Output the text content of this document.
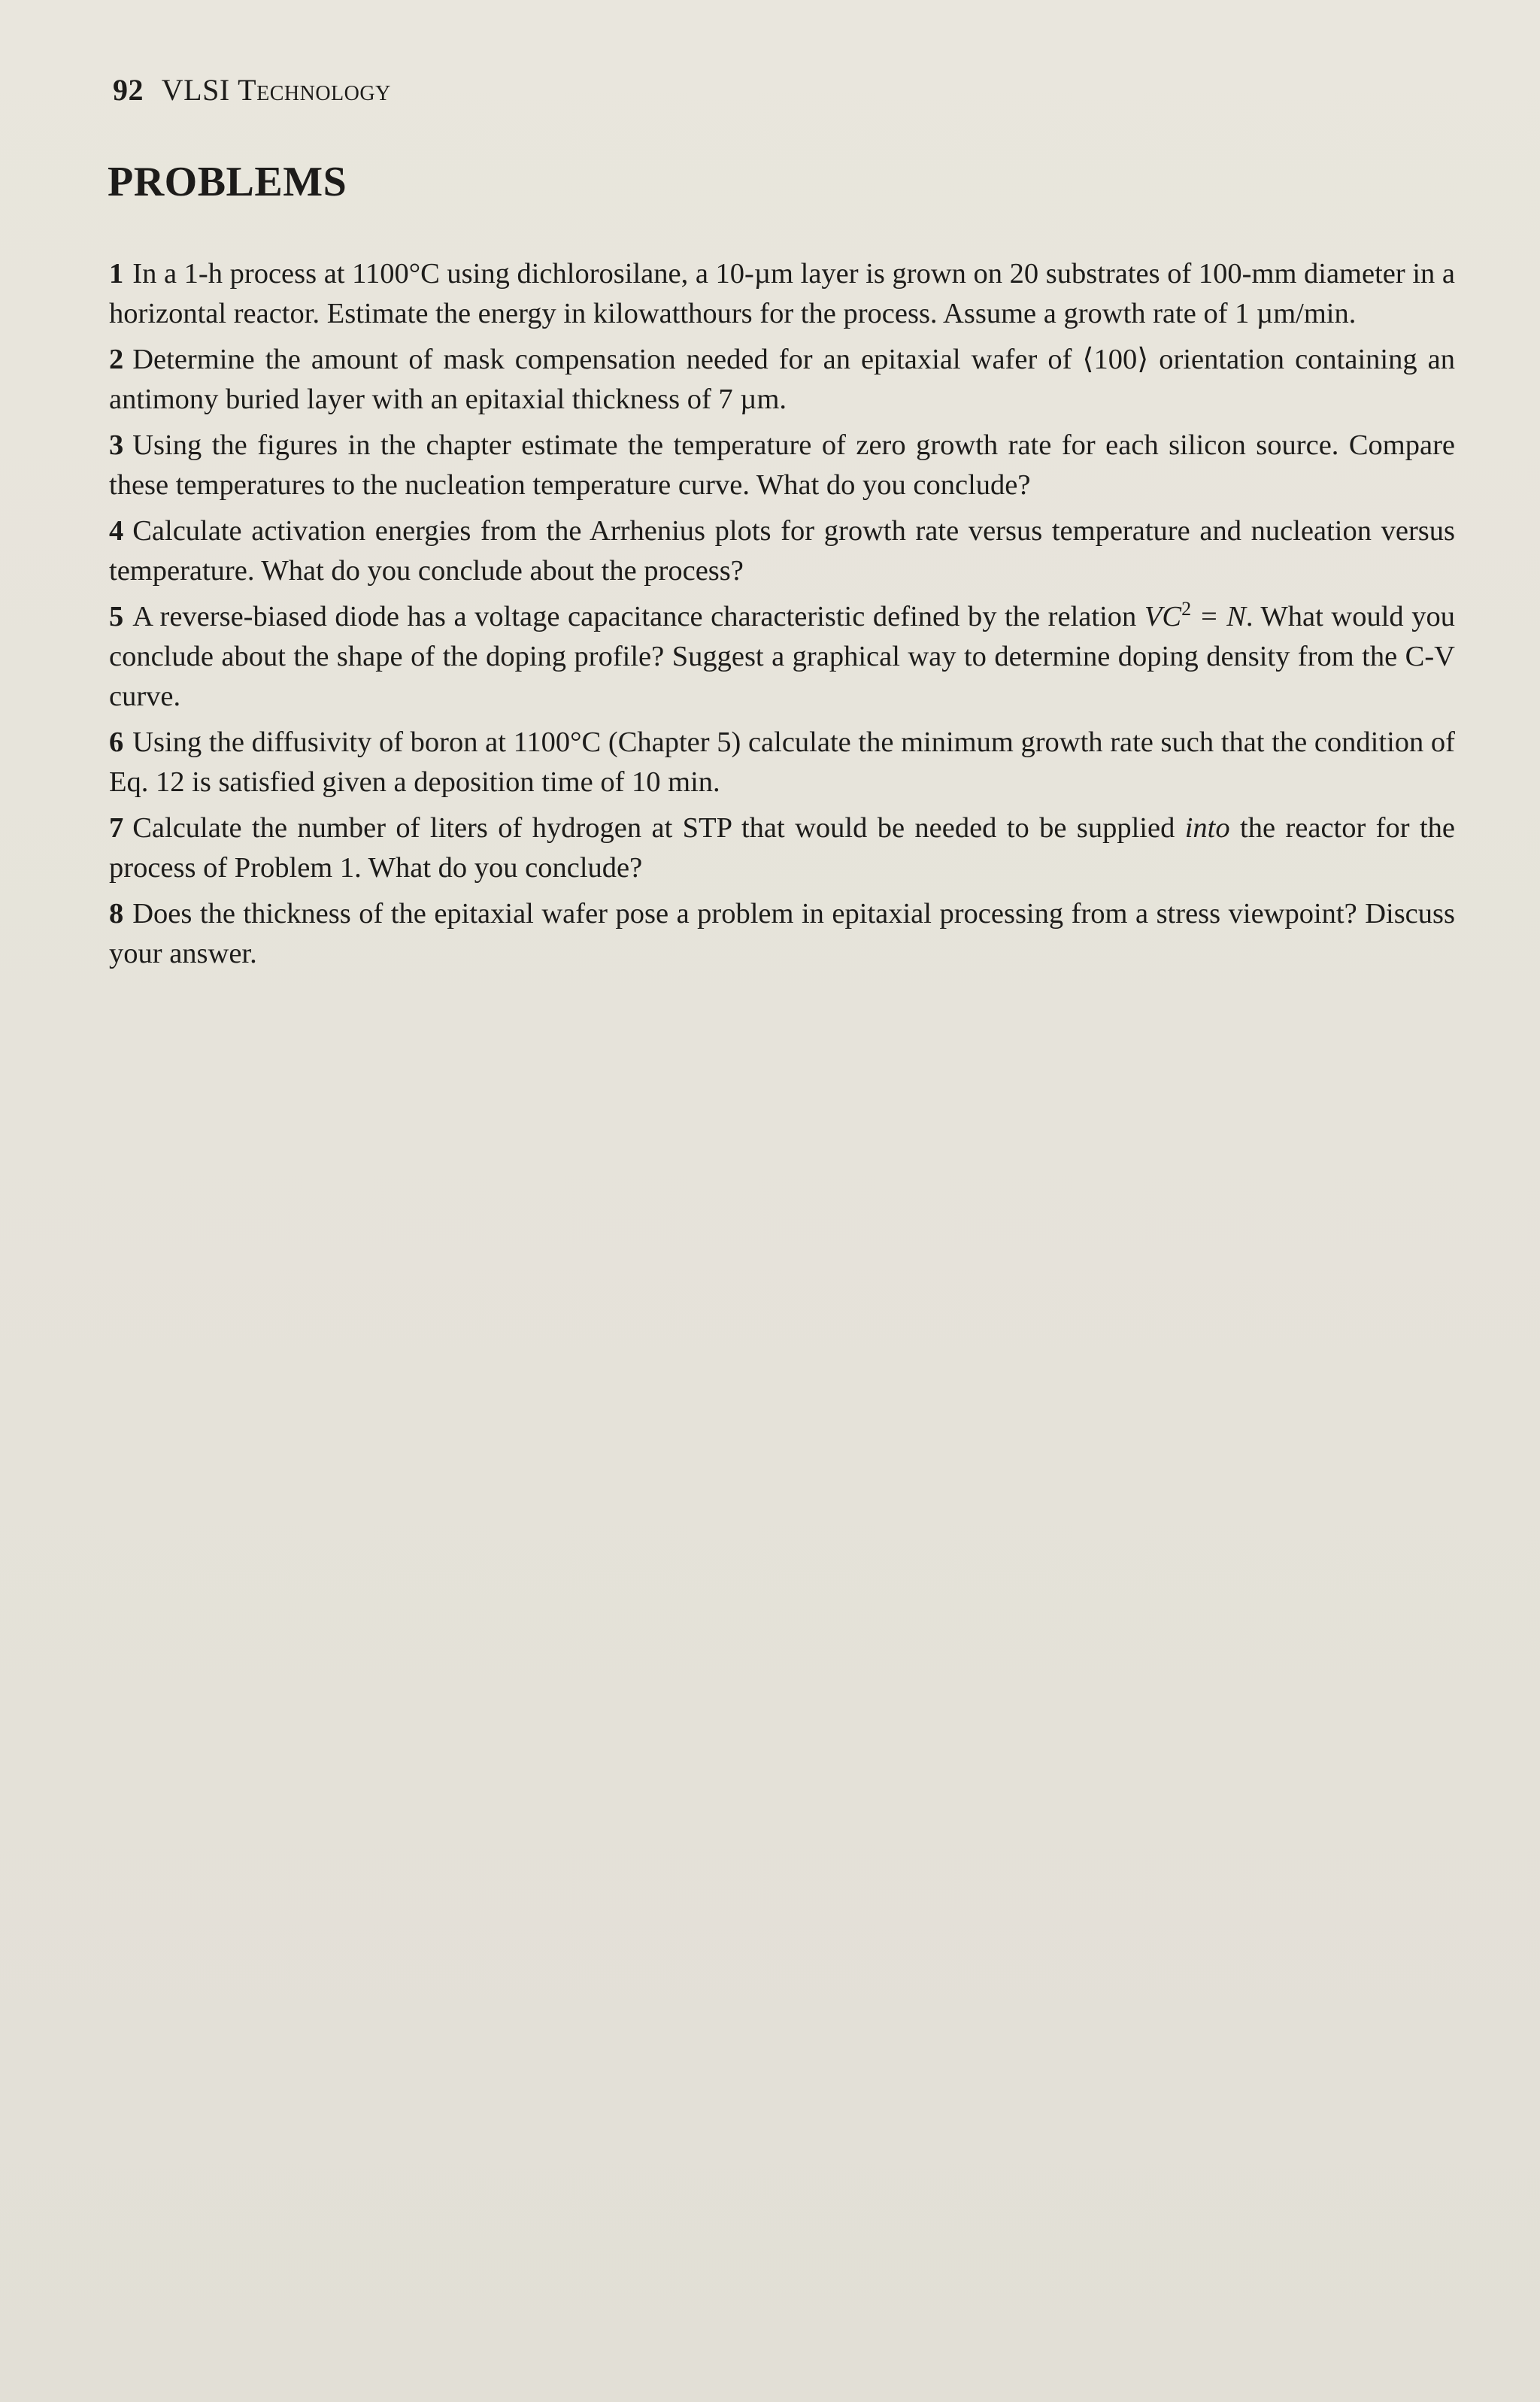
92 VLSI Technology
PROBLEMS
1 In a 1-h process at 1100°C using dichlorosilane, a 10-µm layer is grown on 20 substrates of 100-mm diameter in a horizontal reactor. Estimate the energy in kilowatthours for the process. Assume a growth rate of 1 µm/min.
2 Determine the amount of mask compensation needed for an epitaxial wafer of ⟨100⟩ orientation containing an antimony buried layer with an epitaxial thickness of 7 µm.
3 Using the figures in the chapter estimate the temperature of zero growth rate for each silicon source. Compare these temperatures to the nucleation temperature curve. What do you conclude?
4 Calculate activation energies from the Arrhenius plots for growth rate versus temperature and nucleation versus temperature. What do you conclude about the process?
5 A reverse-biased diode has a voltage capacitance characteristic defined by the relation $VC^2 = N$. What would you conclude about the shape of the doping profile? Suggest a graphical way to determine doping density from the C-V curve.
6 Using the diffusivity of boron at 1100°C (Chapter 5) calculate the minimum growth rate such that the condition of Eq. 12 is satisfied given a deposition time of 10 min.
7 Calculate the number of liters of hydrogen at STP that would be needed to be supplied into the reactor for the process of Problem 1. What do you conclude?
8 Does the thickness of the epitaxial wafer pose a problem in epitaxial processing from a stress viewpoint? Discuss your answer.
